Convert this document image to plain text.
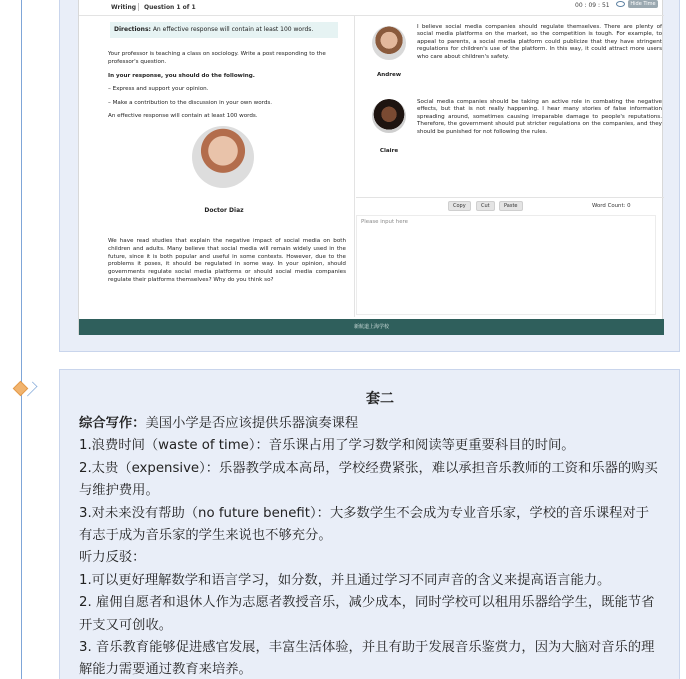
Writing Question 1 of 1	00 : 09 : 51	Hide Time
Directions: An effective response will contain at least 100 words.
Your professor is teaching a class on sociology. Write a post responding to the professor's question.
In your response, you should do the following.
– Express and support your opinion.
– Make a contribution to the discussion in your own words.
An effective response will contain at least 100 words.
Doctor Diaz
We have read studies that explain the negative impact of social media on both children and adults. Many believe that social media will remain widely used in the future, since it is both popular and useful in some contexts. However, due to the problems it poses, it should be regulated in some way. In your opinion, should governments regulate social media platforms or should social media companies regulate their platforms themselves? Why do you think so?
Andrew
I believe social media companies should regulate themselves. There are plenty of social media platforms on the market, so the competition is tough. For example, to appeal to parents, a social media platform could publicize that they have stringent regulations for children's use of the platform. In this way, it could attract more users who care about children's safety.
Claire
Social media companies should be taking an active role in combating the negative effects, but that is not really happening. I hear many stories of false information spreading around, sometimes causing irreparable damage to people's reputations. Therefore, the government should put stricter regulations on the companies, and they should be punished for not following the rules.
Copy	Cut	Paste	Word Count: 0
Please input here
新航道上海学校
套二

综合写作：美国小学是否应该提供乐器演奏课程

1.浪费时间（waste of time）：音乐课占用了学习数学和阅读等更重要科目的时间。

2.太贵（expensive）：乐器教学成本高昂，学校经费紧张，难以承担音乐教师的工资和乐器的购买与维护费用。

3.对未来没有帮助（no future benefit）：大多数学生不会成为专业音乐家，学校的音乐课程对于有志于成为音乐家的学生来说也不够充分。

听力反驳：

1.可以更好理解数学和语言学习，如分数，并且通过学习不同声音的含义来提高语言能力。

2. 雇佣自愿者和退休人作为志愿者教授音乐，减少成本，同时学校可以租用乐器给学生，既能节省开支又可创收。

3. 音乐教育能够促进感官发展，丰富生活体验，并且有助于发展音乐鉴赏力，因为大脑对音乐的理解能力需要通过教育来培养。
